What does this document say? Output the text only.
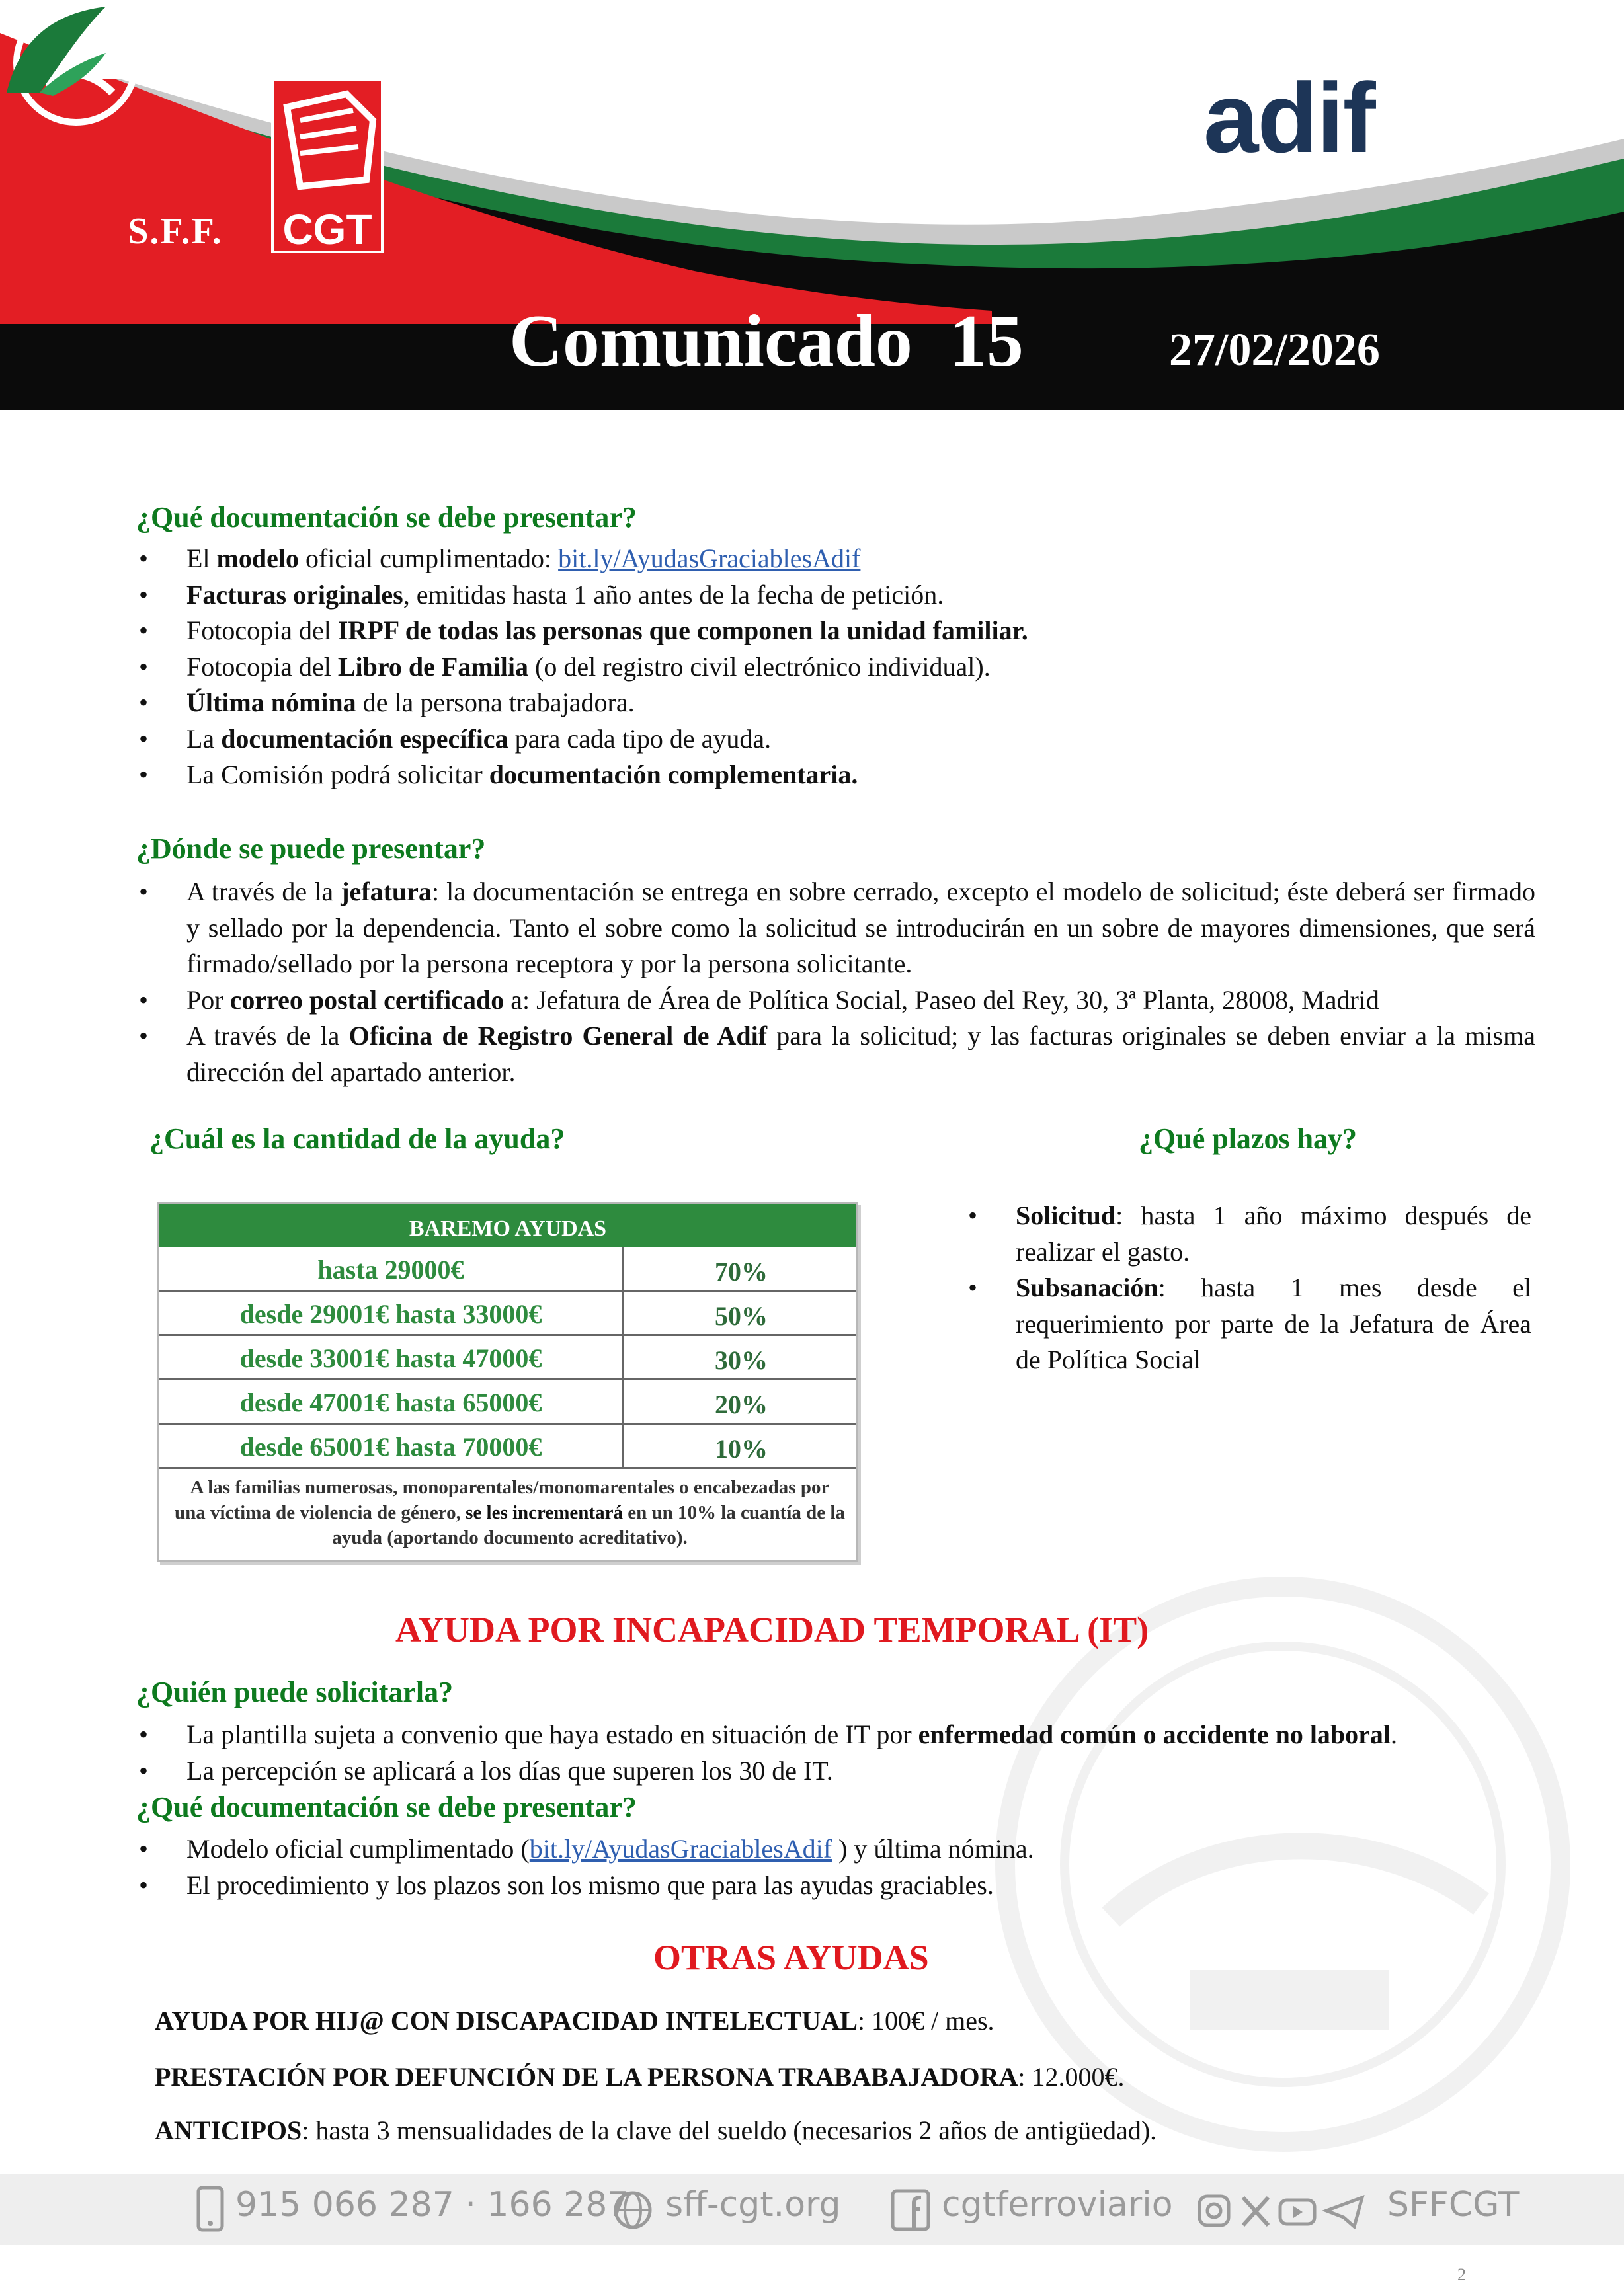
S.F.F.	CGT
adif
Comunicado  15	27/02/2026
¿Qué documentación se debe presentar?
• El modelo oficial cumplimentado: bit.ly/AyudasGraciablesAdif
• Facturas originales, emitidas hasta 1 año antes de la fecha de petición.
• Fotocopia del IRPF de todas las personas que componen la unidad familiar.
• Fotocopia del Libro de Familia (o del registro civil electrónico individual).
• Última nómina de la persona trabajadora.
• La documentación específica para cada tipo de ayuda.
• La Comisión podrá solicitar documentación complementaria.
¿Dónde se puede presentar?
• A través de la jefatura: la documentación se entrega en sobre cerrado, excepto el modelo de solicitud; éste deberá ser firmado y sellado por la dependencia. Tanto el sobre como la solicitud se introducirán en un sobre de mayores dimensiones, que será firmado/sellado por la persona receptora y por la persona solicitante.
• Por correo postal certificado a: Jefatura de Área de Política Social, Paseo del Rey, 30, 3ª Planta, 28008, Madrid
• A través de la Oficina de Registro General de Adif para la solicitud; y las facturas originales se deben enviar a la misma dirección del apartado anterior.
¿Cuál es la cantidad de la ayuda?
BAREMO AYUDAS
hasta 29000€	70%
desde 29001€ hasta 33000€	50%
desde 33001€ hasta 47000€	30%
desde 47001€ hasta 65000€	20%
desde 65001€ hasta 70000€	10%
A las familias numerosas, monoparentales/monomarentales o encabezadas por una víctima de violencia de género, se les incrementará en un 10% la cuantía de la ayuda (aportando documento acreditativo).
¿Qué plazos hay?
• Solicitud: hasta 1 año máximo después de realizar el gasto.
• Subsanación: hasta 1 mes desde el requerimiento por parte de la Jefatura de Área de Política Social
AYUDA POR INCAPACIDAD TEMPORAL (IT)
¿Quién puede solicitarla?
• La plantilla sujeta a convenio que haya estado en situación de IT por enfermedad común o accidente no laboral.
• La percepción se aplicará a los días que superen los 30 de IT.
¿Qué documentación se debe presentar?
• Modelo oficial cumplimentado (bit.ly/AyudasGraciablesAdif ) y última nómina.
• El procedimiento y los plazos son los mismo que para las ayudas graciables.
OTRAS AYUDAS
AYUDA POR HIJ@ CON DISCAPACIDAD INTELECTUAL: 100€ / mes.
PRESTACIÓN POR DEFUNCIÓN DE LA PERSONA TRABABAJADORA: 12.000€.
ANTICIPOS: hasta 3 mensualidades de la clave del sueldo (necesarios 2 años de antigüedad).
915 066 287 · 166 287 sff-cgt.org	cgtferroviario	SFFCGT
2
